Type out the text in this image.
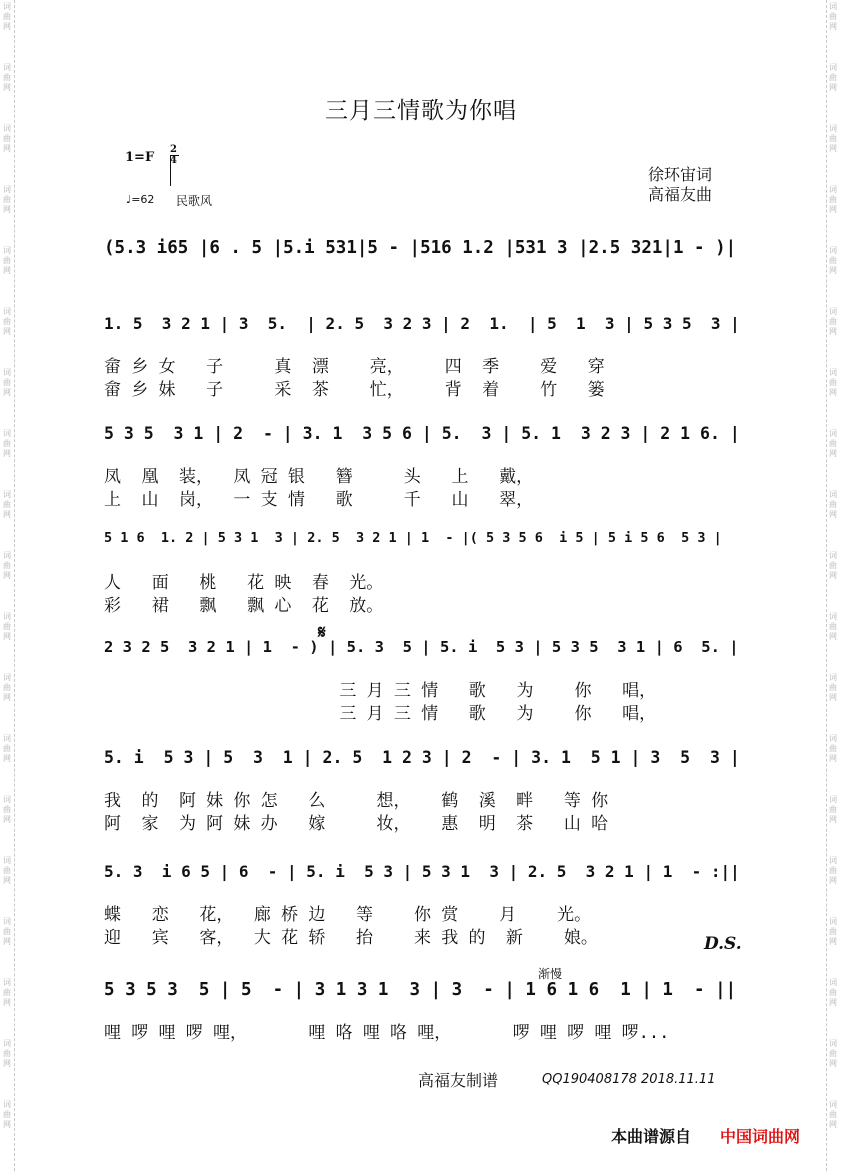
词
曲
网
词
曲
网
词
曲
网
词
曲
网
词
曲
网
词
曲
网
词
曲
网
词
曲
网
词
曲
网
词
曲
网
词
曲
网
词
曲
网
词
曲
网
词
曲
网
词
曲
网
词
曲
网
词
曲
网
词
曲
网
词
曲
网
词
曲
网
词
曲
网
词
曲
网
词
曲
网
词
曲
网
词
曲
网
词
曲
网
词
曲
网
词
曲
网
词
曲
网
词
曲
网
词
曲
网
词
曲
网
词
曲
网
词
曲
网
词
曲
网
词
曲
网
词
曲
网
词
曲
网
三月三情歌为你唱
1=F
2
4
♩=62 民歌风
徐环宙词
高福友曲
(5.3 i65 |6 . 5 |5.i 531|5 - |516 1.2 |531 3 |2.5 321|1 - )|
1. 5  3 2 1 | 3  5.  | 2. 5  3 2 3 | 2  1.  | 5  1  3 | 5 3 5  3 |
畲 乡 女   子     真  漂    亮，    四  季    爱   穿
畲 乡 妹   子     采  茶    忙，    背  着    竹   篓
5 3 5  3 1 | 2  - | 3. 1  3 5 6 | 5.  3 | 5. 1  3 2 3 | 2 1 6. |
凤  凰  装，  凤 冠 银   簪     头   上   戴，
上  山  岗，  一 支 情   歌     千   山   翠，
5 1 6  1. 2 | 5 3 1  3 | 2. 5  3 2 1 | 1  - |( 5 3 5 6  i 5 | 5 i 5 6  5 3 |
人   面   桃   花 映  春  光。
彩   裙   飘   飘 心  花  放。
2 3 2 5  3 2 1 | 1  - ) | 5. 3  5 | 5. i  5 3 | 5 3 5  3 1 | 6  5. |
三 月 三 情   歌   为    你   唱，
三 月 三 情   歌   为    你   唱，
5. i  5 3 | 5  3  1 | 2. 5  1 2 3 | 2  - | 3. 1  5 1 | 3  5  3 |
我  的  阿 妹 你 怎   么     想，   鹤  溪  畔   等 你
阿  家  为 阿 妹 办   嫁     妆，   惠  明  茶   山 哈
5. 3  i 6 5 | 6  - | 5. i  5 3 | 5 3 1  3 | 2. 5  3 2 1 | 1  - :||
蝶   恋   花，  廊 桥 边   等    你 赏    月    光。
迎   宾   客，  大 花 轿   抬    来 我 的  新    娘。
5 3 5 3  5 | 5  - | 3 1 3 1  3 | 3  - | 1 6 1 6  1 | 1  - ||
哩 啰 哩 啰 哩，      哩 咯 哩 咯 哩，      啰 哩 啰 哩 啰...
𝄋
D.S.
渐慢
高福友制谱	QQ190408178 2018.11.11
本曲谱源自 中国词曲网
